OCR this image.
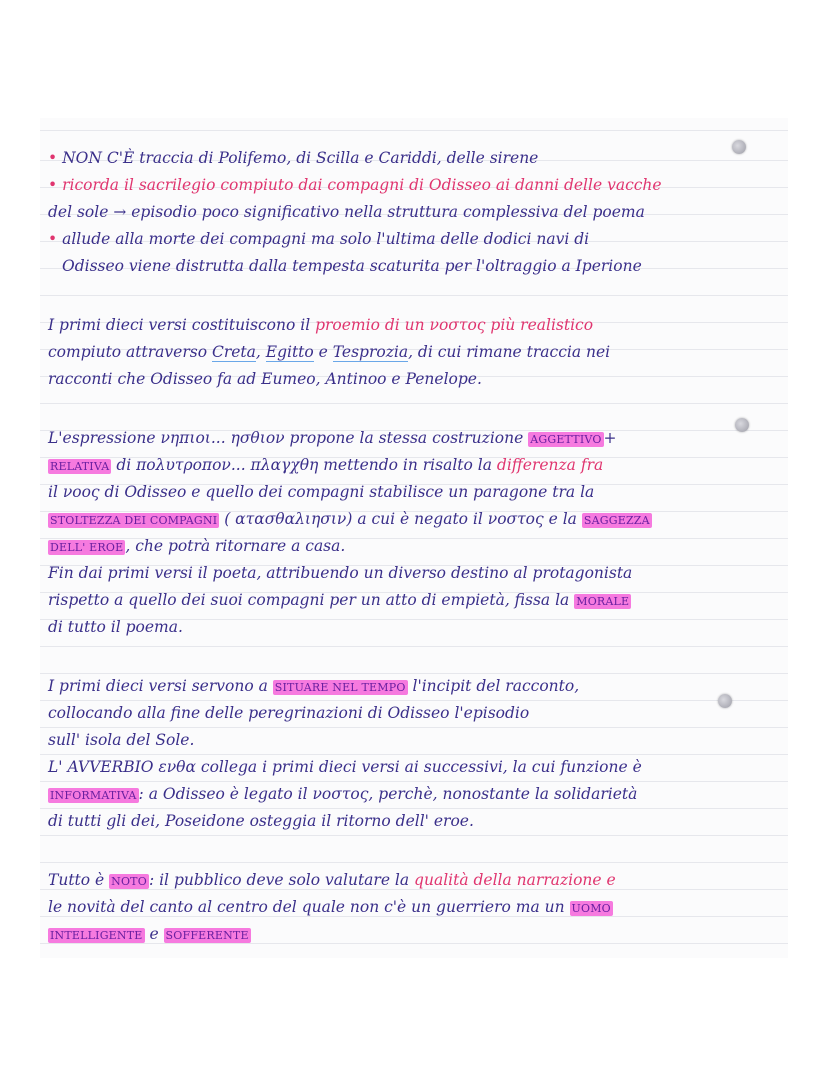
• NON C'È traccia di Polifemo, di Scilla e Cariddi, delle sirene
• ricorda il sacrilegio compiuto dai compagni di Odisseo ai danni delle vacche
del sole → episodio poco significativo nella struttura complessiva del poema
• allude alla morte dei compagni ma solo l'ultima delle dodici navi di
Odisseo viene distrutta dalla tempesta scaturita per l'oltraggio a Iperione
I primi dieci versi costituiscono il proemio di un νοστος più realistico
compiuto attraverso Creta, Egitto e Tesprozia, di cui rimane traccia nei
racconti che Odisseo fa ad Eumeo, Antinoo e Penelope.
L'espressione νηπιοι... ησθιον propone la stessa costruzione AGGETTIVO +
RELATIVA di πολυτροπον... πλαγχθη mettendo in risalto la differenza fra
il νοος di Odisseo e quello dei compagni stabilisce un paragone tra la
STOLTEZZA DEI COMPAGNI ( ατασθαλιησιν) a cui è negato il νοστος e la SAGGEZZA
DELL' EROE , che potrà ritornare a casa.
Fin dai primi versi il poeta, attribuendo un diverso destino al protagonista
rispetto a quello dei suoi compagni per un atto di empietà, fissa la MORALE
di tutto il poema.
I primi dieci versi servono a SITUARE NEL TEMPO l'incipit del racconto,
collocando alla fine delle peregrinazioni di Odisseo l'episodio
sull' isola del Sole.
L' AVVERBIO ενθα collega i primi dieci versi ai successivi, la cui funzione è
INFORMATIVA : a Odisseo è legato il νοστος, perchè, nonostante la solidarietà
di tutti gli dei, Poseidone osteggia il ritorno dell' eroe.
Tutto è NOTO : il pubblico deve solo valutare la qualità della narrazione e
le novità del canto al centro del quale non c'è un guerriero ma un UOMO
INTELLIGENTE e SOFFERENTE
